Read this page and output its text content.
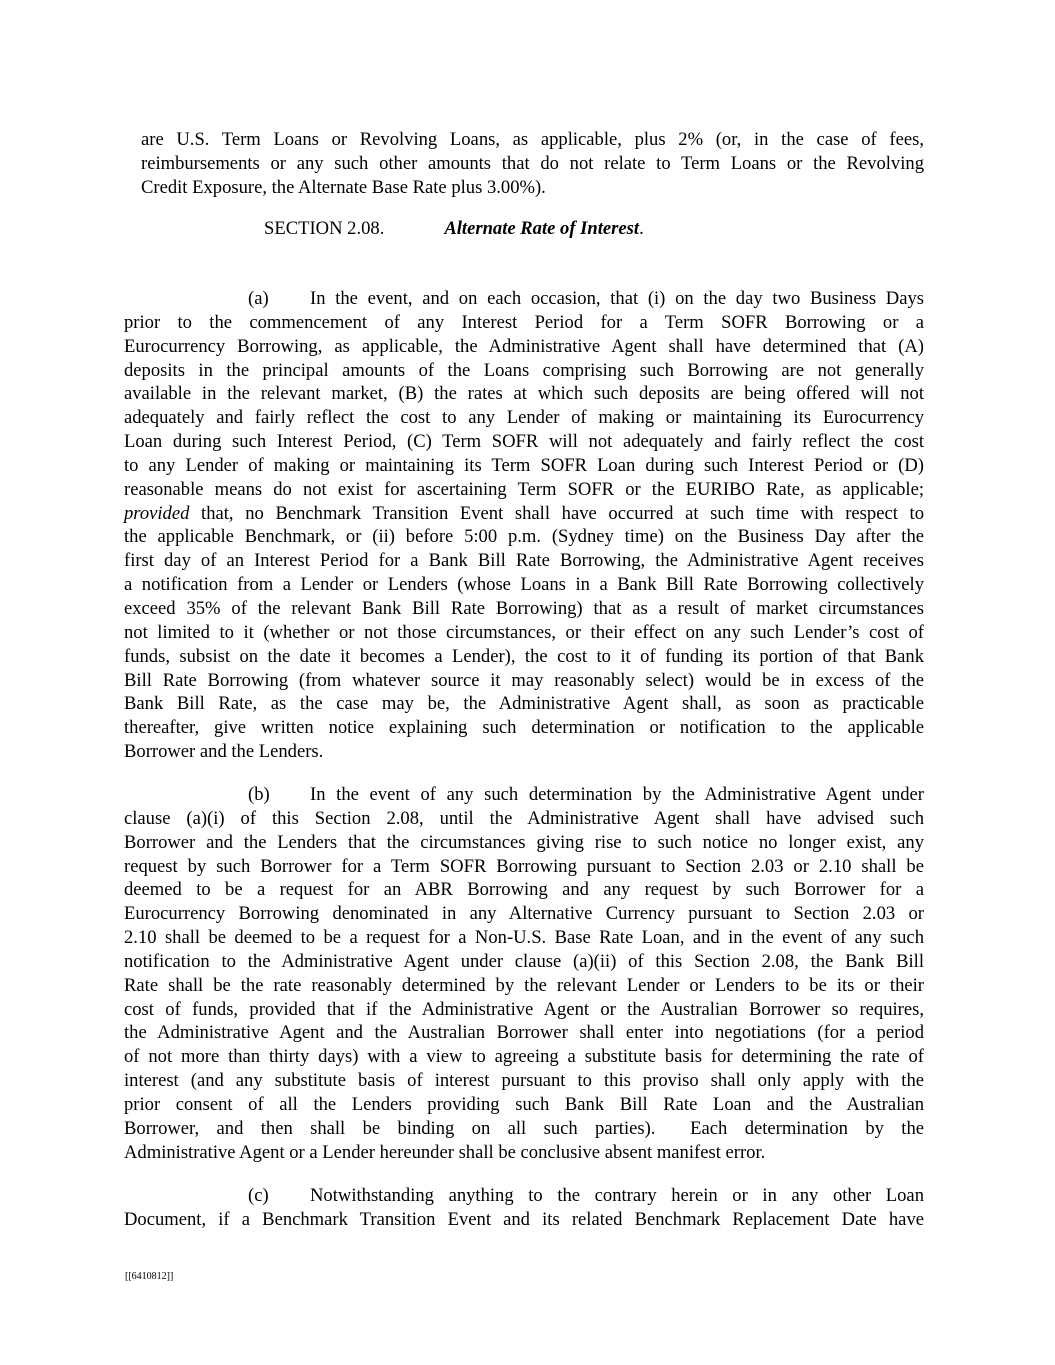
are U.S. Term Loans or Revolving Loans, as applicable, plus 2% (or, in the case of fees,
reimbursements or any such other amounts that do not relate to Term Loans or the Revolving
Credit Exposure, the Alternate Base Rate plus 3.00%).
SECTION 2.08.	Alternate Rate of Interest.
(a) In the event, and on each occasion, that (i) on the day two Business Days
prior to the commencement of any Interest Period for a Term SOFR Borrowing or a
Eurocurrency Borrowing, as applicable, the Administrative Agent shall have determined that (A)
deposits in the principal amounts of the Loans comprising such Borrowing are not generally
available in the relevant market, (B) the rates at which such deposits are being offered will not
adequately and fairly reflect the cost to any Lender of making or maintaining its Eurocurrency
Loan during such Interest Period, (C) Term SOFR will not adequately and fairly reflect the cost
to any Lender of making or maintaining its Term SOFR Loan during such Interest Period or (D)
reasonable means do not exist for ascertaining Term SOFR or the EURIBO Rate, as applicable;
provided that, no Benchmark Transition Event shall have occurred at such time with respect to
the applicable Benchmark, or (ii) before 5:00 p.m. (Sydney time) on the Business Day after the
first day of an Interest Period for a Bank Bill Rate Borrowing, the Administrative Agent receives
a notification from a Lender or Lenders (whose Loans in a Bank Bill Rate Borrowing collectively
exceed 35% of the relevant Bank Bill Rate Borrowing) that as a result of market circumstances
not limited to it (whether or not those circumstances, or their effect on any such Lender’s cost of
funds, subsist on the date it becomes a Lender), the cost to it of funding its portion of that Bank
Bill Rate Borrowing (from whatever source it may reasonably select) would be in excess of the
Bank Bill Rate, as the case may be, the Administrative Agent shall, as soon as practicable
thereafter, give written notice explaining such determination or notification to the applicable
Borrower and the Lenders.
(b) In the event of any such determination by the Administrative Agent under
clause (a)(i) of this Section 2.08, until the Administrative Agent shall have advised such
Borrower and the Lenders that the circumstances giving rise to such notice no longer exist, any
request by such Borrower for a Term SOFR Borrowing pursuant to Section 2.03 or 2.10 shall be
deemed to be a request for an ABR Borrowing and any request by such Borrower for a
Eurocurrency Borrowing denominated in any Alternative Currency pursuant to Section 2.03 or
2.10 shall be deemed to be a request for a Non-U.S. Base Rate Loan, and in the event of any such
notification to the Administrative Agent under clause (a)(ii) of this Section 2.08, the Bank Bill
Rate shall be the rate reasonably determined by the relevant Lender or Lenders to be its or their
cost of funds, provided that if the Administrative Agent or the Australian Borrower so requires,
the Administrative Agent and the Australian Borrower shall enter into negotiations (for a period
of not more than thirty days) with a view to agreeing a substitute basis for determining the rate of
interest (and any substitute basis of interest pursuant to this proviso shall only apply with the
prior consent of all the Lenders providing such Bank Bill Rate Loan and the Australian
Borrower, and then shall be binding on all such parties).  Each determination by the
Administrative Agent or a Lender hereunder shall be conclusive absent manifest error.
(c) Notwithstanding anything to the contrary herein or in any other Loan
Document, if a Benchmark Transition Event and its related Benchmark Replacement Date have
[[6410812]]
